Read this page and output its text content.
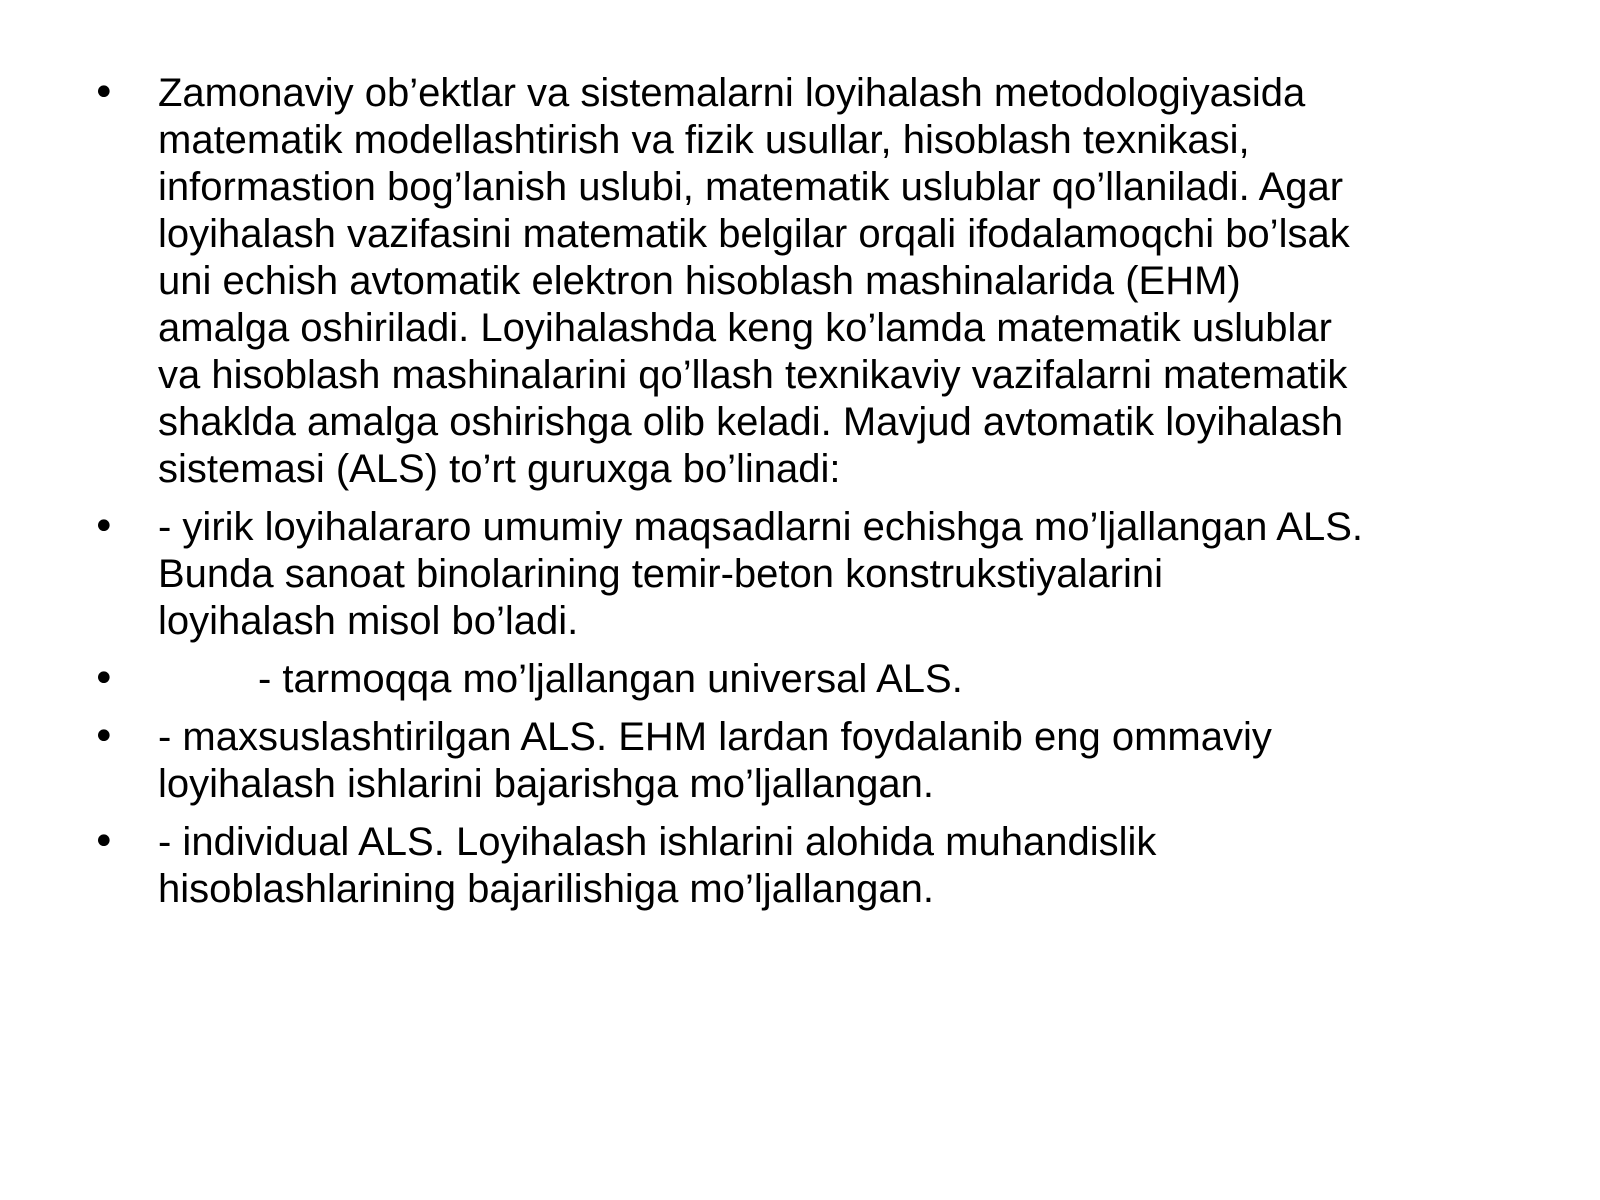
• Zamonaviy ob’ektlar va sistemalarni loyihalash metodologiyasida
matematik modellashtirish va fizik usullar, hisoblash texnikasi,
informastion bog’lanish uslubi, matematik uslublar qo’llaniladi. Agar
loyihalash vazifasini matematik belgilar orqali ifodalamoqchi bo’lsak
uni echish avtomatik elektron hisoblash mashinalarida (EHM)
amalga oshiriladi. Loyihalashda keng ko’lamda matematik uslublar
va hisoblash mashinalarini qo’llash texnikaviy vazifalarni matematik
shaklda amalga oshirishga olib keladi. Mavjud avtomatik loyihalash
sistemasi (ALS) to’rt guruxga bo’linadi:
• - yirik loyihalararo umumiy maqsadlarni echishga mo’ljallangan ALS.
Bunda sanoat binolarining temir-beton konstrukstiyalarini
loyihalash misol bo’ladi.
•	- tarmoqqa mo’ljallangan universal ALS.
• - maxsuslashtirilgan ALS. EHM lardan foydalanib eng ommaviy
loyihalash ishlarini bajarishga mo’ljallangan.
• - individual ALS. Loyihalash ishlarini alohida muhandislik
hisoblashlarining bajarilishiga mo’ljallangan.
